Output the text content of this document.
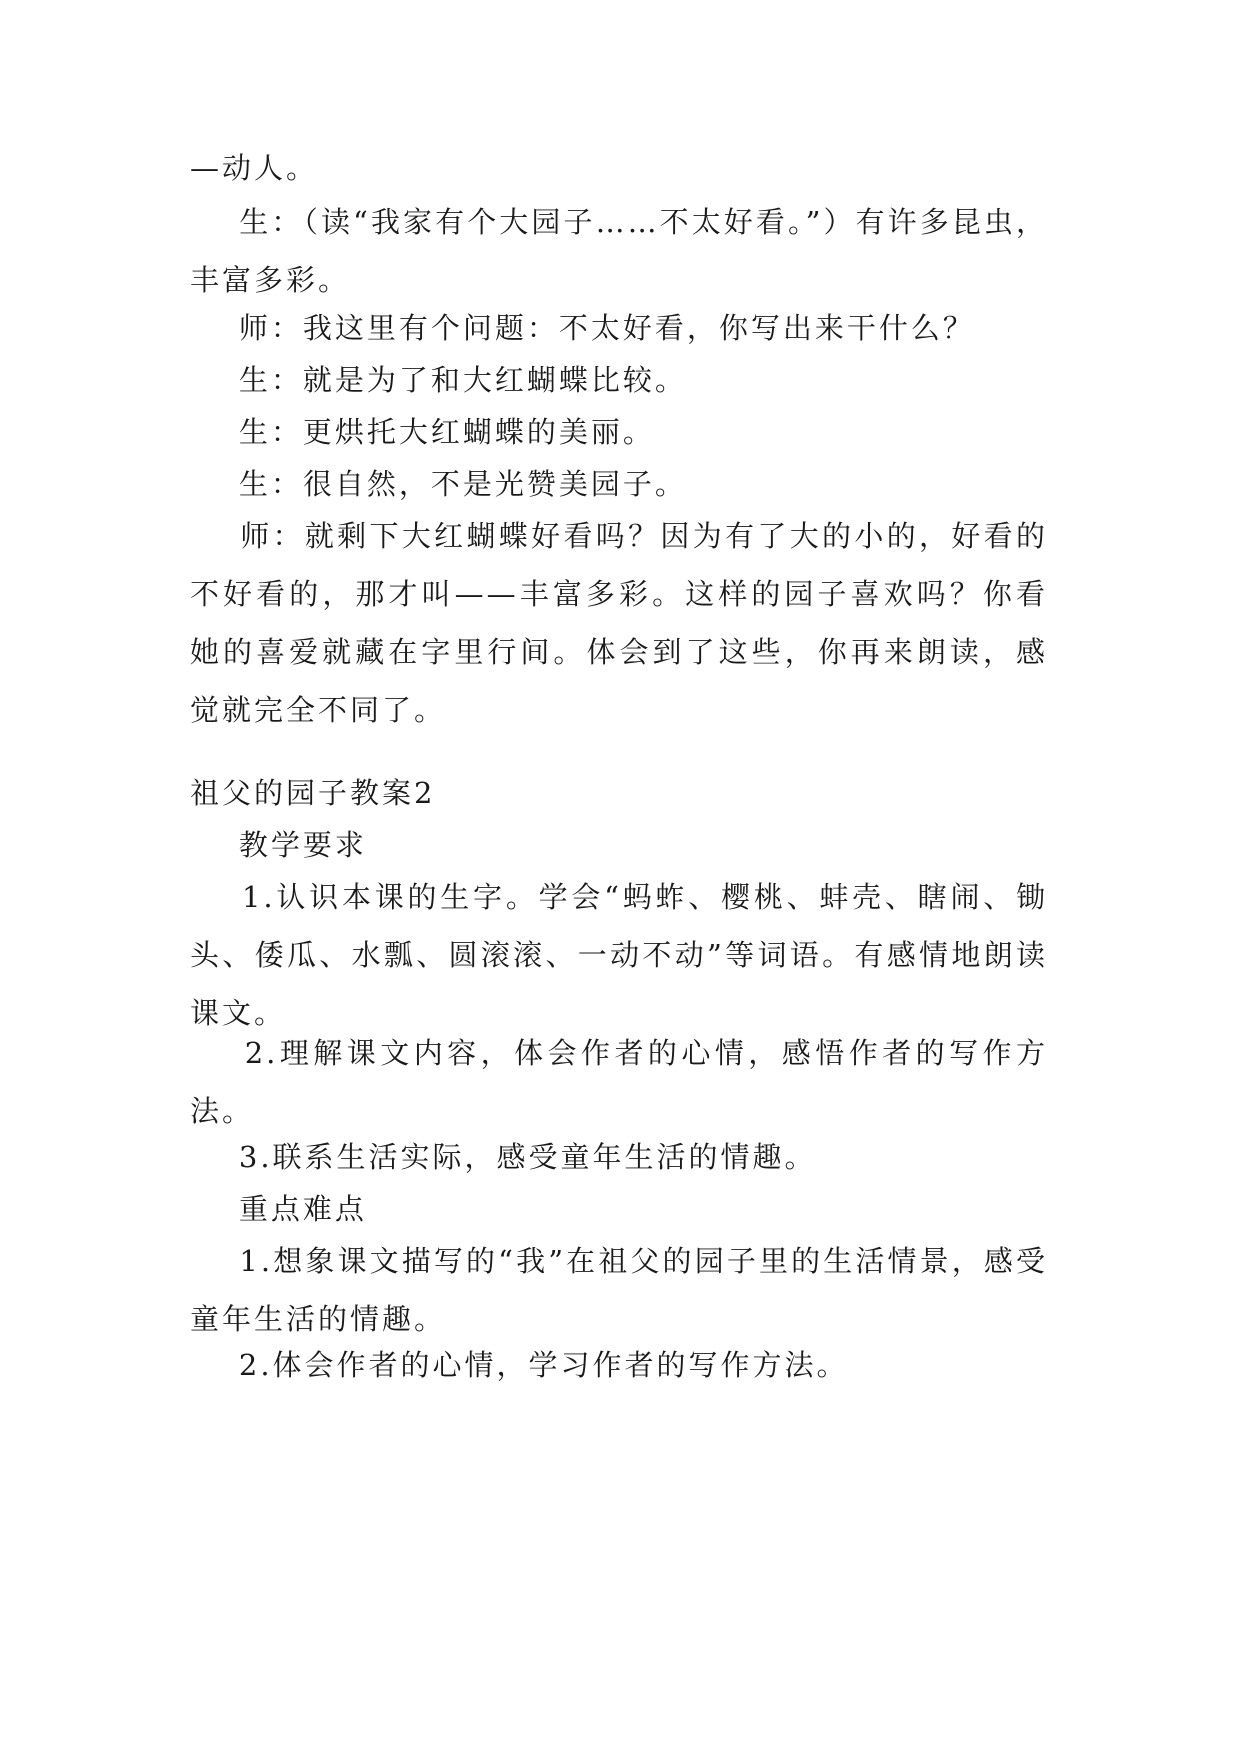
—动人。

生：（读“我家有个大园子……不太好看。”）有许多昆虫，丰富多彩。

师：我这里有个问题：不太好看，你写出来干什么？

生：就是为了和大红蝴蝶比较。

生：更烘托大红蝴蝶的美丽。

生：很自然，不是光赞美园子。

师：就剩下大红蝴蝶好看吗？因为有了大的小的，好看的不好看的，那才叫——丰富多彩。这样的园子喜欢吗？你看她的喜爱就藏在字里行间。体会到了这些，你再来朗读，感觉就完全不同了。

祖父的园子教案2

教学要求

1.认识本课的生字。学会“蚂蚱、樱桃、蚌壳、瞎闹、锄头、倭瓜、水瓢、圆滚滚、一动不动”等词语。有感情地朗读课文。

2.理解课文内容，体会作者的心情，感悟作者的写作方法。

3.联系生活实际，感受童年生活的情趣。

重点难点

1.想象课文描写的“我”在祖父的园子里的生活情景，感受童年生活的情趣。

2.体会作者的心情，学习作者的写作方法。
